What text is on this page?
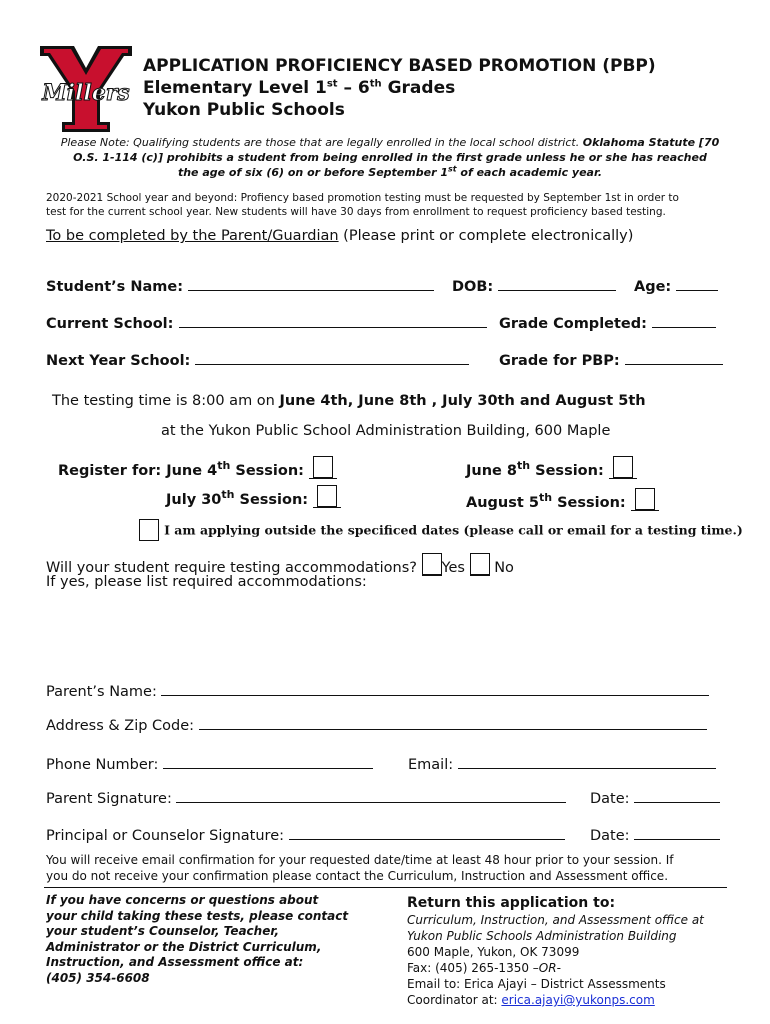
Millers
APPLICATION PROFICIENCY BASED PROMOTION (PBP)
Elementary Level 1st – 6th Grades
Yukon Public Schools
Please Note: Qualifying students are those that are legally enrolled in the local school district. Oklahoma Statute [70
O.S. 1-114 (c)] prohibits a student from being enrolled in the first grade unless he or she has reached
the age of six (6) on or before September 1st of each academic year.
2020-2021 School year and beyond: Profiency based promotion testing must be requested by September 1st in order to
test for the current school year. New students will have 30 days from enrollment to request proficiency based testing.
To be completed by the Parent/Guardian (Please print or complete electronically)
Student’s Name:	DOB:	Age:
Current School:	Grade Completed:
Next Year School:	Grade for PBP:
The testing time is 8:00 am on June 4th, June 8th , July 30th and August 5th
at the Yukon Public School Administration Building, 600 Maple
Register for: June 4th Session:	June 8th Session:
July 30th Session:	August 5th Session:
I am applying outside the specificed dates (please call or email for a testing time.)
Will your student require testing accommodations? Yes  No
If yes, please list required accommodations:
Parent’s Name:
Address & Zip Code:
Phone Number:	Email:
Parent Signature:	Date:
Principal or Counselor Signature:	Date:
You will receive email confirmation for your requested date/time at least 48 hour prior to your session. If
you do not receive your confirmation please contact the Curriculum, Instruction and Assessment office.
If you have concerns or questions about
your child taking these tests, please contact
your student’s Counselor, Teacher,
Administrator or the District Curriculum,
Instruction, and Assessment office at:
(405) 354-6608
Return this application to:
Curriculum, Instruction, and Assessment office at
Yukon Public Schools Administration Building
600 Maple, Yukon, OK 73099
Fax: (405) 265-1350 –OR-
Email to: Erica Ajayi – District Assessments
Coordinator at: erica.ajayi@yukonps.com
